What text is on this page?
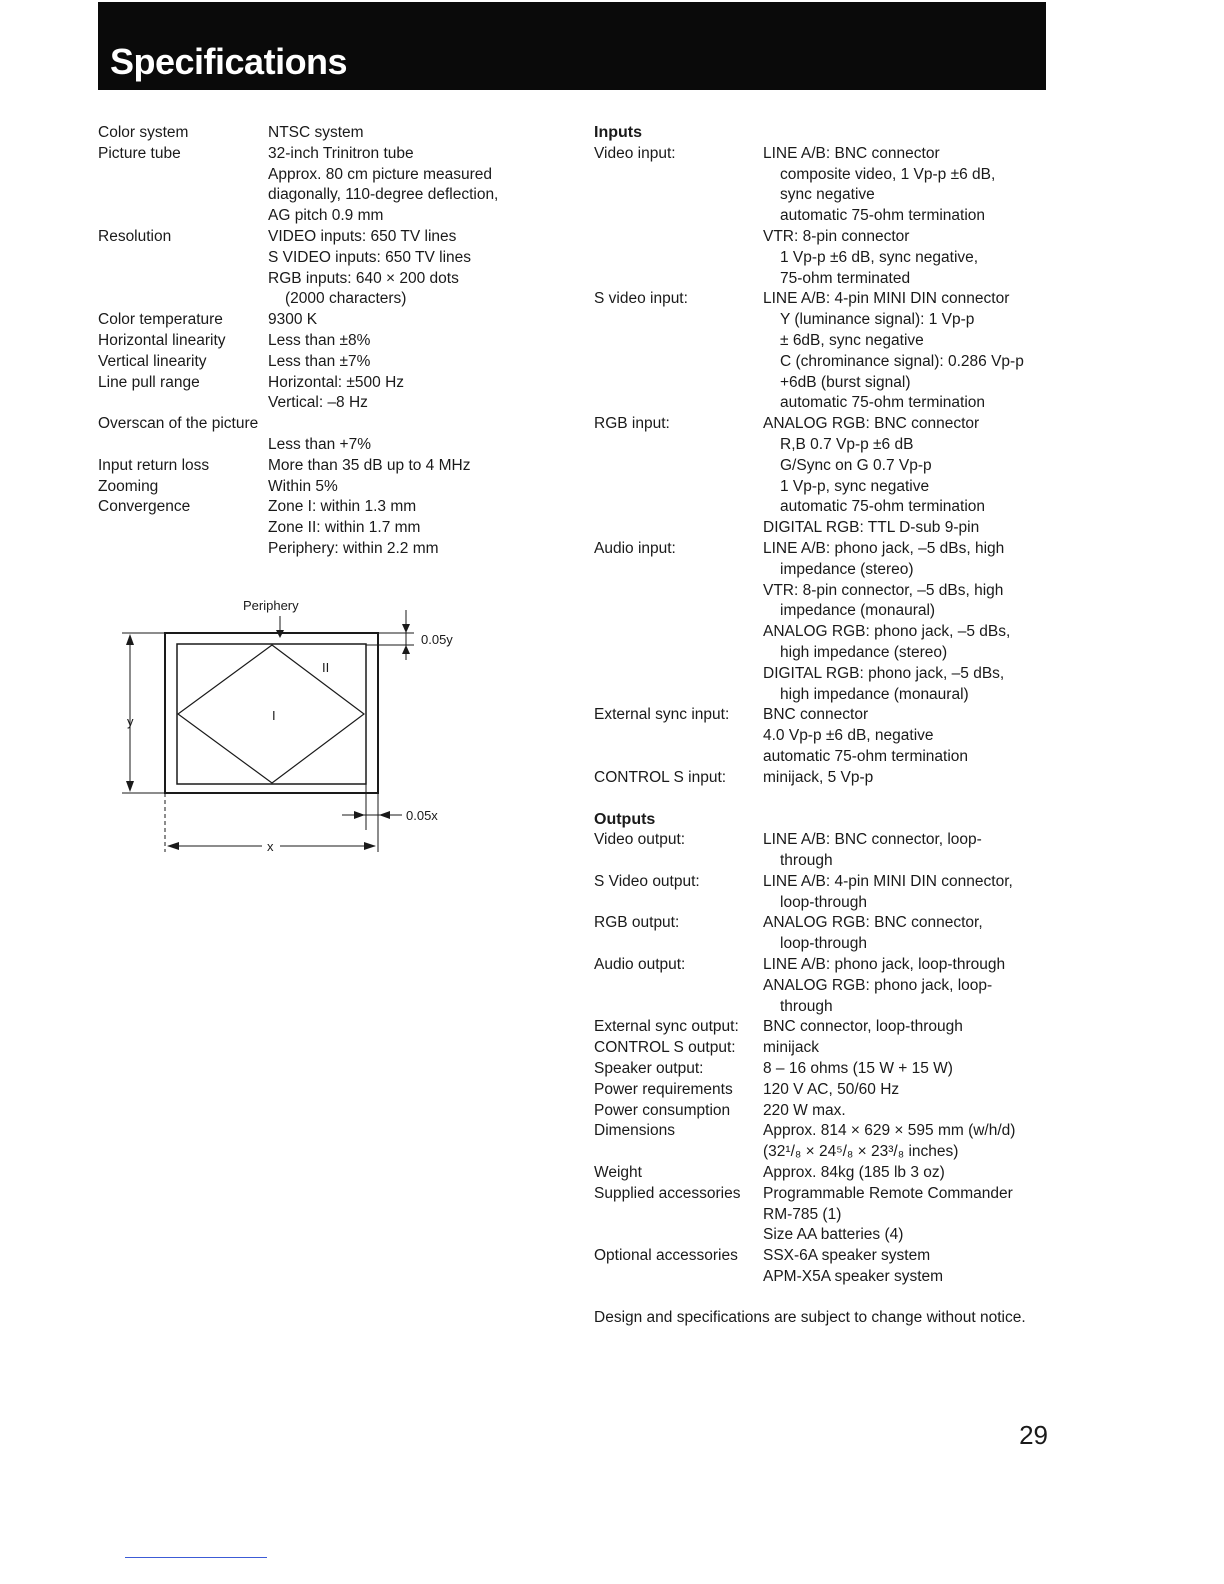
Specifications
Color system	NTSC system
Picture tube	32-inch Trinitron tube
Approx. 80 cm picture measured
diagonally, 110-degree deflection,
AG pitch 0.9 mm
Resolution	VIDEO inputs: 650 TV lines
S VIDEO inputs: 650 TV lines
RGB inputs: 640 × 200 dots
(2000 characters)
Color temperature	9300 K
Horizontal linearity	Less than ±8%
Vertical linearity	Less than ±7%
Line pull range	Horizontal: ±500 Hz
Vertical: –8 Hz
Overscan of the picture
Less than +7%
Input return loss	More than 35 dB up to 4 MHz
Zooming	Within 5%
Convergence	Zone I: within 1.3 mm
Zone II: within 1.7 mm
Periphery: within 2.2 mm
Periphery
II
I
0.05y
y
0.05x
x
Inputs
Video input:	LINE A/B: BNC connector
composite video, 1 Vp-p ±6 dB,
sync negative
automatic 75-ohm termination
VTR: 8-pin connector
1 Vp-p ±6 dB, sync negative,
75-ohm terminated
S video input:	LINE A/B: 4-pin MINI DIN connector
Y (luminance signal): 1 Vp-p
± 6dB, sync negative
C (chrominance signal): 0.286 Vp-p
+6dB (burst signal)
automatic 75-ohm termination
RGB input:	ANALOG RGB: BNC connector
R,B 0.7 Vp-p ±6 dB
G/Sync on G 0.7 Vp-p
1 Vp-p, sync negative
automatic 75-ohm termination
DIGITAL RGB: TTL D-sub 9-pin
Audio input:	LINE A/B: phono jack, –5 dBs, high
impedance (stereo)
VTR: 8-pin connector, –5 dBs, high
impedance (monaural)
ANALOG RGB: phono jack, –5 dBs,
high impedance (stereo)
DIGITAL RGB: phono jack, –5 dBs,
high impedance (monaural)
External sync input:	BNC connector
4.0 Vp-p ±6 dB, negative
automatic 75-ohm termination
CONTROL S input:	minijack, 5 Vp-p
Outputs
Video output:	LINE A/B: BNC connector, loop-
through
S Video output:	LINE A/B: 4-pin MINI DIN connector,
loop-through
RGB output:	ANALOG RGB: BNC connector,
loop-through
Audio output:	LINE A/B: phono jack, loop-through
ANALOG RGB: phono jack, loop-
through
External sync output:	BNC connector, loop-through
CONTROL S output:	minijack
Speaker output:	8 – 16 ohms (15 W + 15 W)
Power requirements	120 V AC, 50/60 Hz
Power consumption	220 W max.
Dimensions	Approx. 814 × 629 × 595 mm (w/h/d)
(32¹/₈ × 24⁵/₈ × 23³/₈ inches)
Weight	Approx. 84kg (185 lb 3 oz)
Supplied accessories	Programmable Remote Commander
RM-785 (1)
Size AA batteries (4)
Optional accessories	SSX-6A speaker system
APM-X5A speaker system
Design and specifications are subject to change without notice.
29
